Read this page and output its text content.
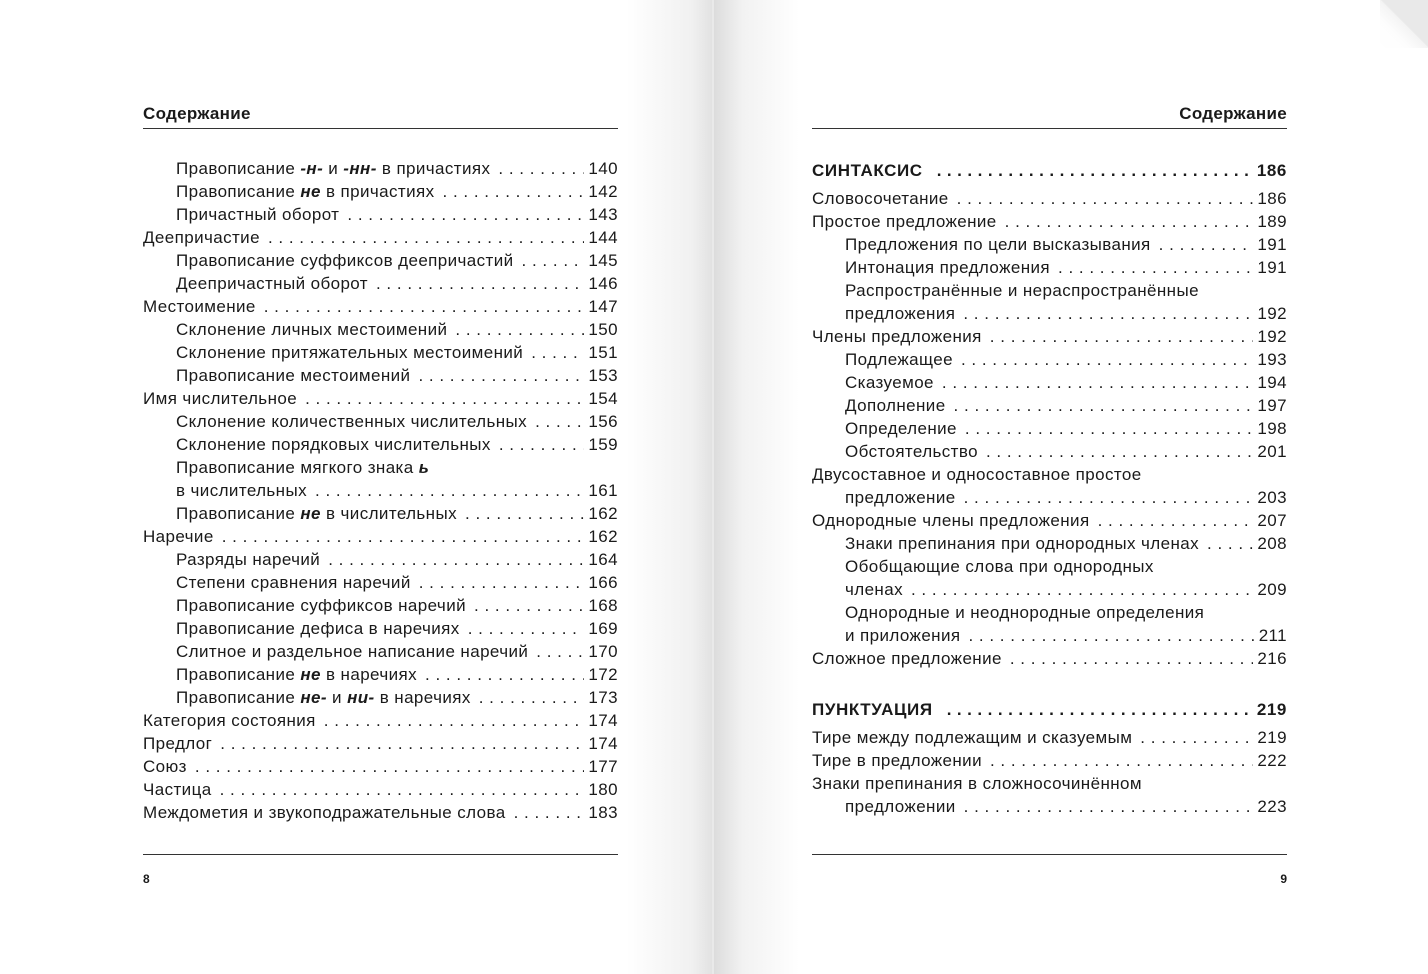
Содержание
Правописание -н- и -нн- в причастиях . . .	140
Правописание не в причастиях . . .	142
Причастный оборот . . .	143
Деепричастие . . .	144
Правописание суффиксов деепричастий . . .	145
Деепричастный оборот . . .	146
Местоимение . . .	147
Склонение личных местоимений . . .	150
Склонение притяжательных местоимений . . .	151
Правописание местоимений . . .	153
Имя числительное . . .	154
Склонение количественных числительных . . .	156
Склонение порядковых числительных . . .	159
Правописание мягкого знака ь
в числительных . . .	161
Правописание не в числительных . . .	162
Наречие . . .	162
Разряды наречий . . .	164
Степени сравнения наречий . . .	166
Правописание суффиксов наречий . . .	168
Правописание дефиса в наречиях . . .	169
Слитное и раздельное написание наречий . . .	170
Правописание не в наречиях . . .	172
Правописание не- и ни- в наречиях . . .	173
Категория состояния . . .	174
Предлог . . .	174
Союз . . .	177
Частица . . .	180
Междометия и звукоподражательные слова . . .	183
8
Содержание
СИНТАКСИС . . .	186
Словосочетание . . .	186
Простое предложение . . .	189
Предложения по цели высказывания . . .	191
Интонация предложения . . .	191
Распространённые и нераспространённые
предложения . . .	192
Члены предложения . . .	192
Подлежащее . . .	193
Сказуемое . . .	194
Дополнение . . .	197
Определение . . .	198
Обстоятельство . . .	201
Двусоставное и односоставное простое
предложение . . .	203
Однородные члены предложения . . .	207
Знаки препинания при однородных членах . . .	208
Обобщающие слова при однородных
членах . . .	209
Однородные и неоднородные определения
и приложения . . .	211
Сложное предложение . . .	216
ПУНКТУАЦИЯ . . .	219
Тире между подлежащим и сказуемым . . .	219
Тире в предложении . . .	222
Знаки препинания в сложносочинённом
предложении . . .	223
9
